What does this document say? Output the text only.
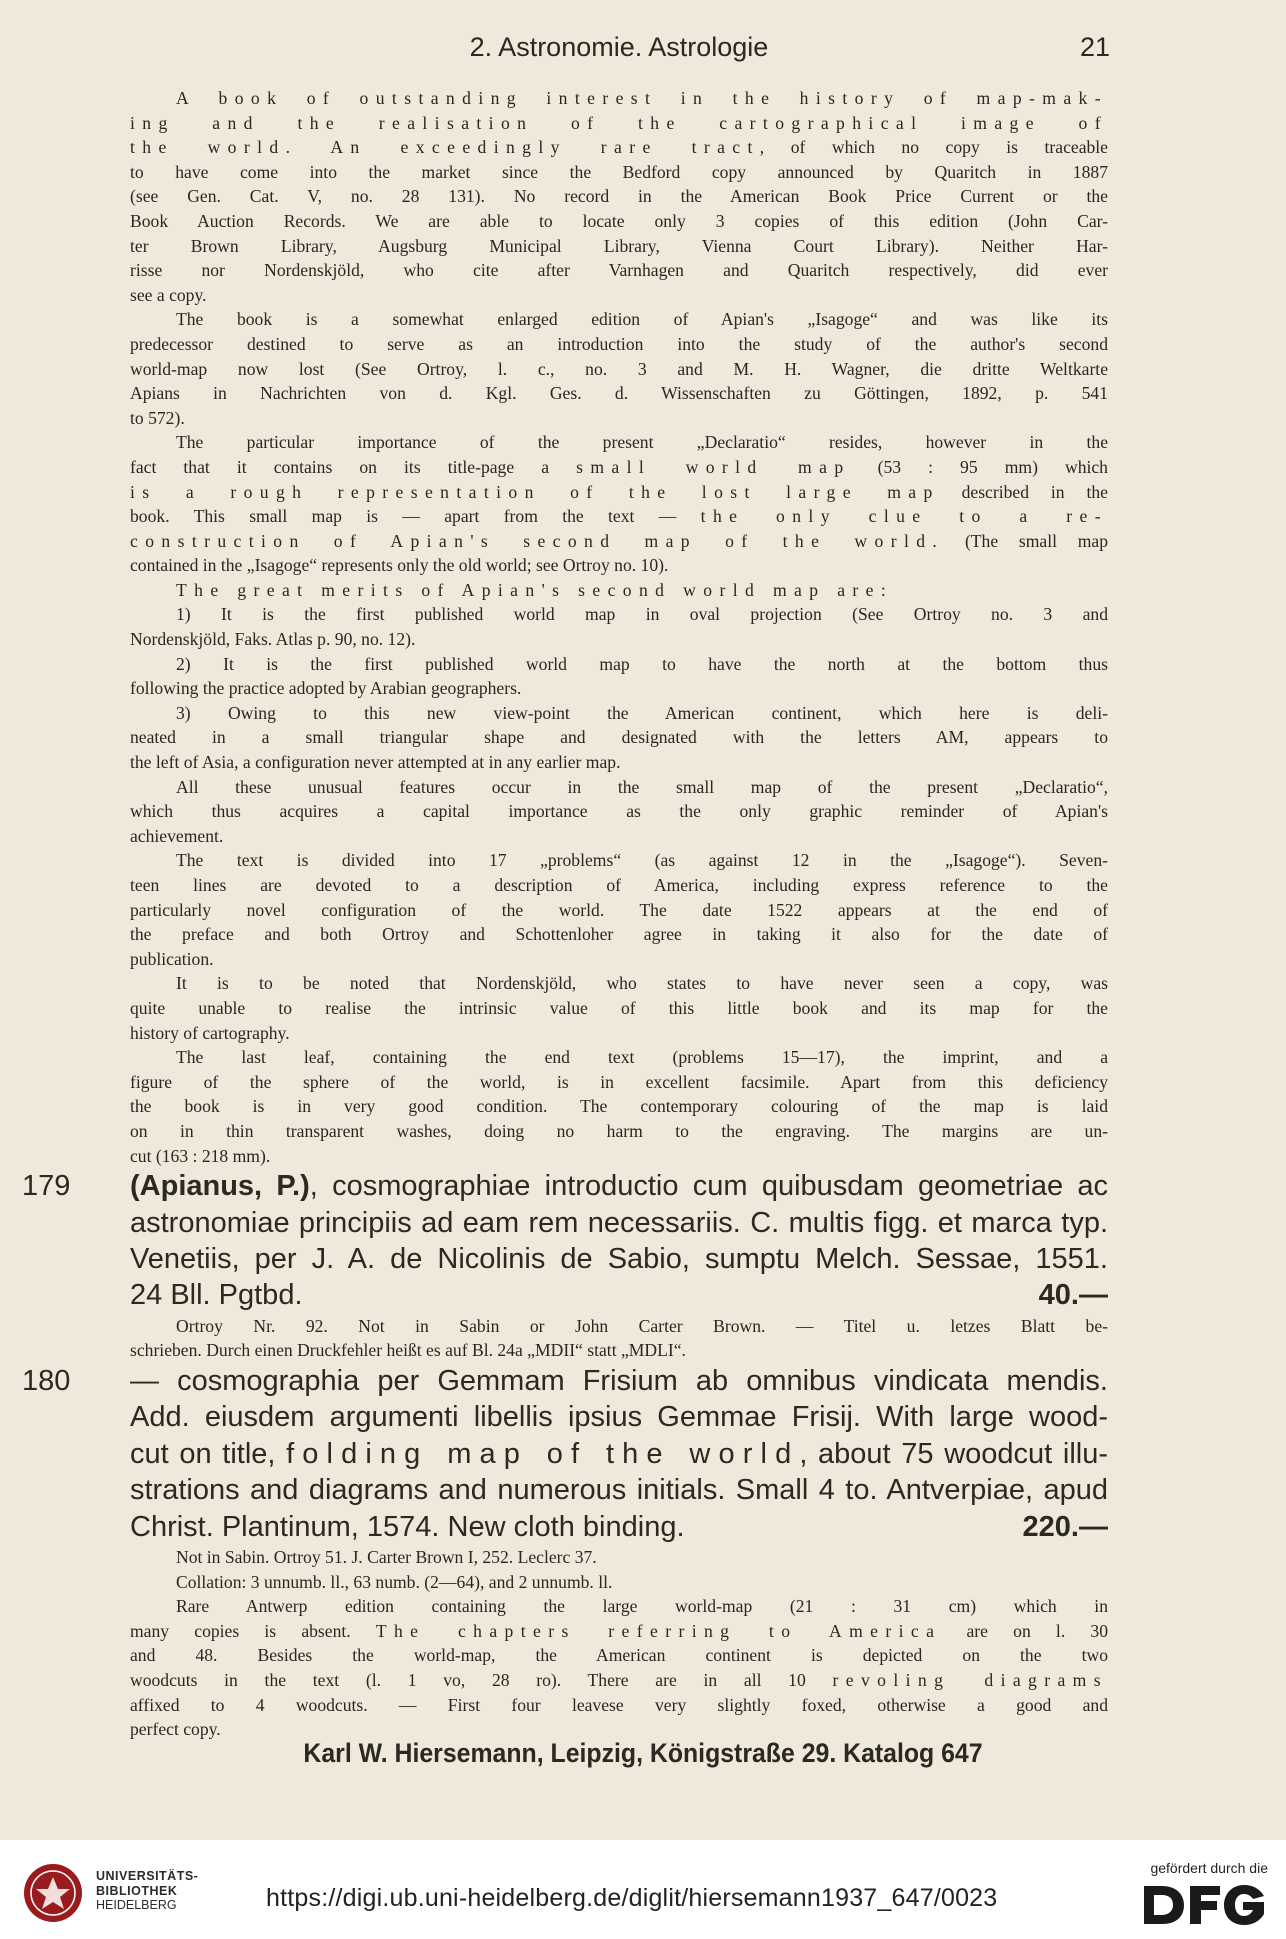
2. Astronomie. Astrologie	21

A book of outstanding interest in the history of map-mak-

ing and the realisation of the cartographical image of

the world. An exceedingly rare tract, of which no copy is traceable

to have come into the market since the Bedford copy announced by Quaritch in 1887

(see Gen. Cat. V, no. 28 131). No record in the American Book Price Current or the

Book Auction Records. We are able to locate only 3 copies of this edition (John Car-

ter Brown Library, Augsburg Municipal Library, Vienna Court Library). Neither Har-

risse nor Nordenskjöld, who cite after Varnhagen and Quaritch respectively, did ever

see a copy.

The book is a somewhat enlarged edition of Apian's „Isagoge“ and was like its

predecessor destined to serve as an introduction into the study of the author's second

world-map now lost (See Ortroy, l. c., no. 3 and M. H. Wagner, die dritte Weltkarte

Apians in Nachrichten von d. Kgl. Ges. d. Wissenschaften zu Göttingen, 1892, p. 541

to 572).

The particular importance of the present „Declaratio“ resides, however in the

fact that it contains on its title-page a small world map (53 : 95 mm) which

is a rough representation of the lost large map described in the

book. This small map is — apart from the text — the only clue to a re-

construction of Apian's second map of the world. (The small map

contained in the „Isagoge“ represents only the old world; see Ortroy no. 10).

The great merits of Apian's second world map are:

1) It is the first published world map in oval projection (See Ortroy no. 3 and

Nordenskjöld, Faks. Atlas p. 90, no. 12).

2) It is the first published world map to have the north at the bottom thus

following the practice adopted by Arabian geographers.

3) Owing to this new view-point the American continent, which here is deli-

neated in a small triangular shape and designated with the letters AM, appears to

the left of Asia, a configuration never attempted at in any earlier map.

All these unusual features occur in the small map of the present „Declaratio“,

which thus acquires a capital importance as the only graphic reminder of Apian's

achievement.

The text is divided into 17 „problems“ (as against 12 in the „Isagoge“). Seven-

teen lines are devoted to a description of America, including express reference to the

particularly novel configuration of the world. The date 1522 appears at the end of

the preface and both Ortroy and Schottenloher agree in taking it also for the date of

publication.

It is to be noted that Nordenskjöld, who states to have never seen a copy, was

quite unable to realise the intrinsic value of this little book and its map for the

history of cartography.

The last leaf, containing the end text (problems 15—17), the imprint, and a

figure of the sphere of the world, is in excellent facsimile. Apart from this deficiency

the book is in very good condition. The contemporary colouring of the map is laid

on in thin transparent washes, doing no harm to the engraving. The margins are un-

cut (163 : 218 mm).

179 (Apianus, P.), cosmographiae introductio cum quibusdam geometriae ac

astronomiae principiis ad eam rem necessariis. C. multis figg. et marca typ.

Venetiis, per J. A. de Nicolinis de Sabio, sumptu Melch. Sessae, 1551.

24 Bll. Pgtbd.	40.—

Ortroy Nr. 92. Not in Sabin or John Carter Brown. — Titel u. letzes Blatt be-

schrieben. Durch einen Druckfehler heißt es auf Bl. 24a „MDII“ statt „MDLI“.

180 — cosmographia per Gemmam Frisium ab omnibus vindicata mendis.

Add. eiusdem argumenti libellis ipsius Gemmae Frisij. With large wood-

cut on title, folding map of the world, about 75 woodcut illu-

strations and diagrams and numerous initials. Small 4 to. Antverpiae, apud

Christ. Plantinum, 1574. New cloth binding.	220.—

Not in Sabin. Ortroy 51. J. Carter Brown I, 252. Leclerc 37.

Collation: 3 unnumb. ll., 63 numb. (2—64), and 2 unnumb. ll.

Rare Antwerp edition containing the large world-map (21 : 31 cm) which in

many copies is absent. The chapters referring to America are on l. 30

and 48. Besides the world-map, the American continent is depicted on the two

woodcuts in the text (l. 1 vo, 28 ro). There are in all 10 revoling diagrams

affixed to 4 woodcuts. — First four leavese very slightly foxed, otherwise a good and

perfect copy.

Karl W. Hiersemann, Leipzig, Königstraße 29. Katalog 647
UNIVERSITÄTS-
BIBLIOTHEK
HEIDELBERG	https://digi.ub.uni-heidelberg.de/diglit/hiersemann1937_647/0023
gefördert durch die
